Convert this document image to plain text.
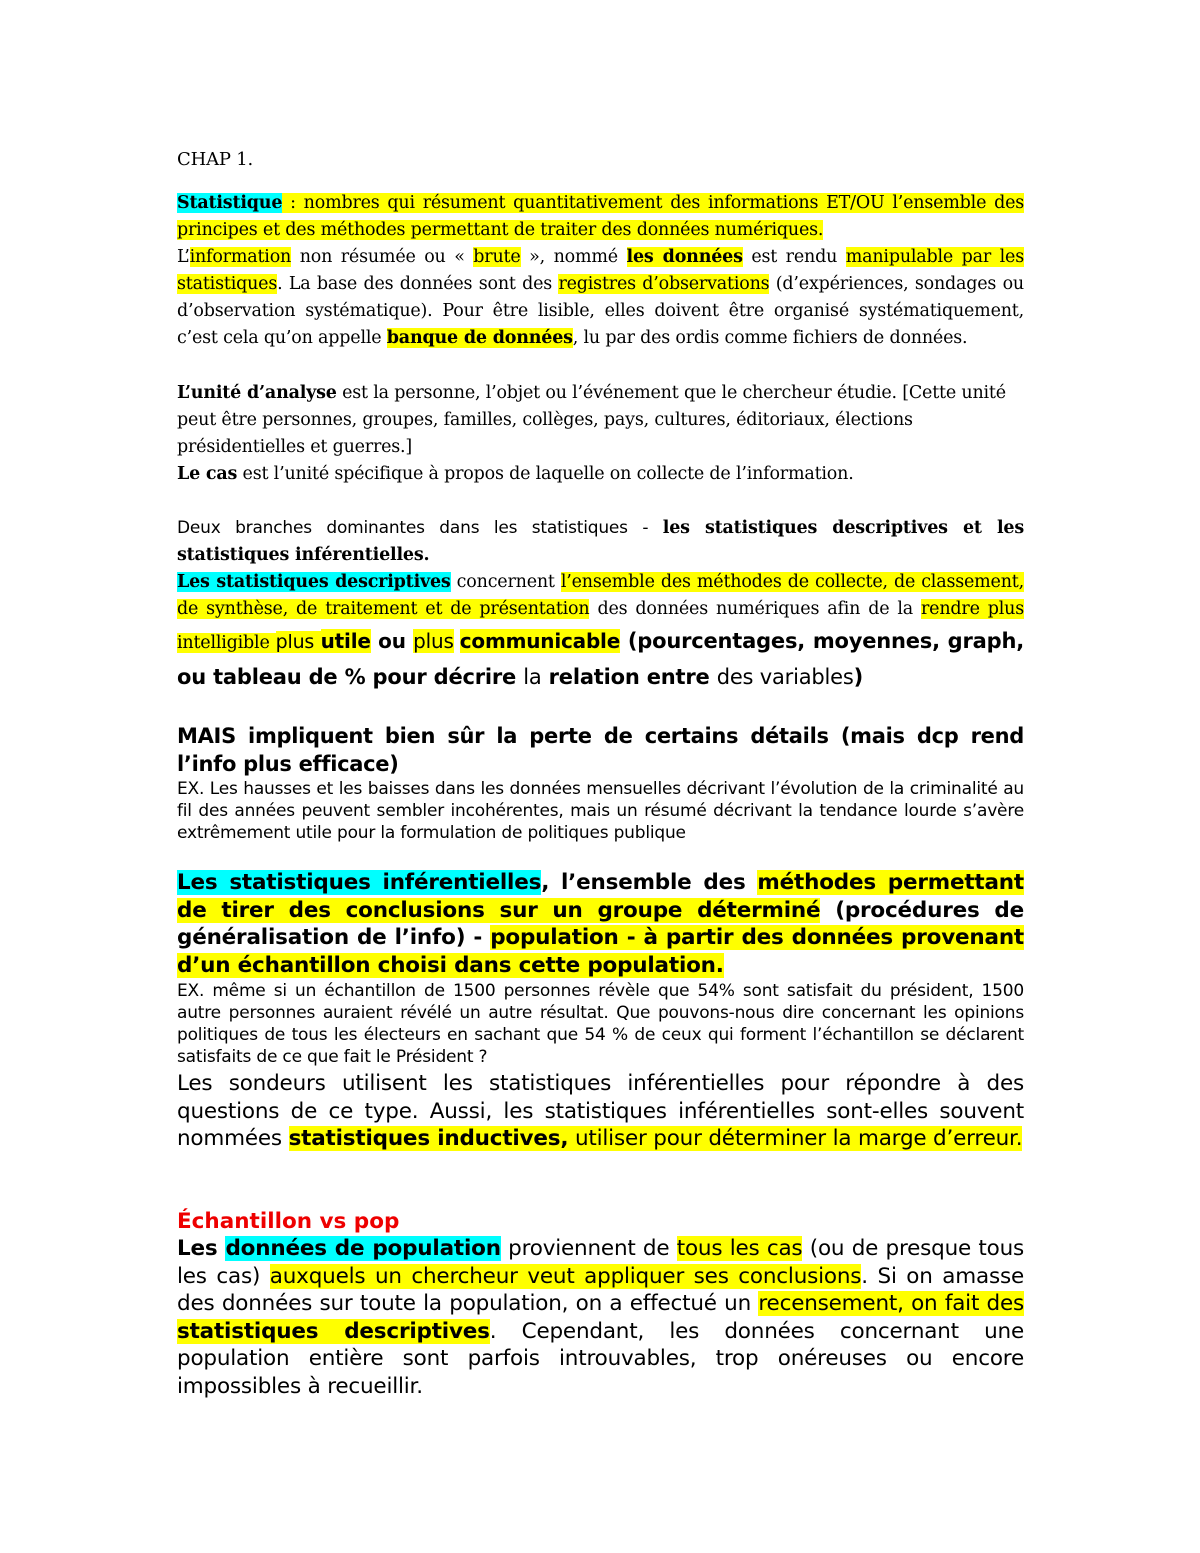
CHAP 1.

Statistique : nombres qui résument quantitativement des informations ET/OU l’ensemble des principes et des méthodes permettant de traiter des données numériques.

L’information non résumée ou « brute », nommé les données est rendu manipulable par les statistiques. La base des données sont des registres d’observations (d’expériences, sondages ou d’observation systématique). Pour être lisible, elles doivent être organisé systématiquement, c’est cela qu’on appelle banque de données, lu par des ordis comme fichiers de données.

L’unité d’analyse est la personne, l’objet ou l’événement que le chercheur étudie. [Cette unité peut être personnes, groupes, familles, collèges, pays, cultures, éditoriaux, élections présidentielles et guerres.]

Le cas est l’unité spécifique à propos de laquelle on collecte de l’information.

Deux branches dominantes dans les statistiques - les statistiques descriptives et les statistiques inférentielles.

Les statistiques descriptives concernent l’ensemble des méthodes de collecte, de classement, de synthèse, de traitement et de présentation des données numériques afin de la rendre plus intelligible plus utile ou plus communicable (pourcentages, moyennes, graph, ou tableau de % pour décrire la relation entre des variables)

MAIS impliquent bien sûr la perte de certains détails (mais dcp rend l’info plus efficace)

EX. Les hausses et les baisses dans les données mensuelles décrivant l’évolution de la criminalité au fil des années peuvent sembler incohérentes, mais un résumé décrivant la tendance lourde s’avère extrêmement utile pour la formulation de politiques publique

Les statistiques inférentielles, l’ensemble des méthodes permettant de tirer des conclusions sur un groupe déterminé (procédures de généralisation de l’info) - population - à partir des données provenant d’un échantillon choisi dans cette population.

EX. même si un échantillon de 1500 personnes révèle que 54% sont satisfait du président, 1500 autre personnes auraient révélé un autre résultat. Que pouvons-nous dire concernant les opinions politiques de tous les électeurs en sachant que 54 % de ceux qui forment l’échantillon se déclarent satisfaits de ce que fait le Président ?

Les sondeurs utilisent les statistiques inférentielles pour répondre à des questions de ce type. Aussi, les statistiques inférentielles sont-elles souvent nommées statistiques inductives, utiliser pour déterminer la marge d’erreur.

Échantillon vs pop

Les données de population proviennent de tous les cas (ou de presque tous les cas) auxquels un chercheur veut appliquer ses conclusions. Si on amasse des données sur toute la population, on a effectué un recensement, on fait des statistiques descriptives. Cependant, les données concernant une population entière sont parfois introuvables, trop onéreuses ou encore impossibles à recueillir.
